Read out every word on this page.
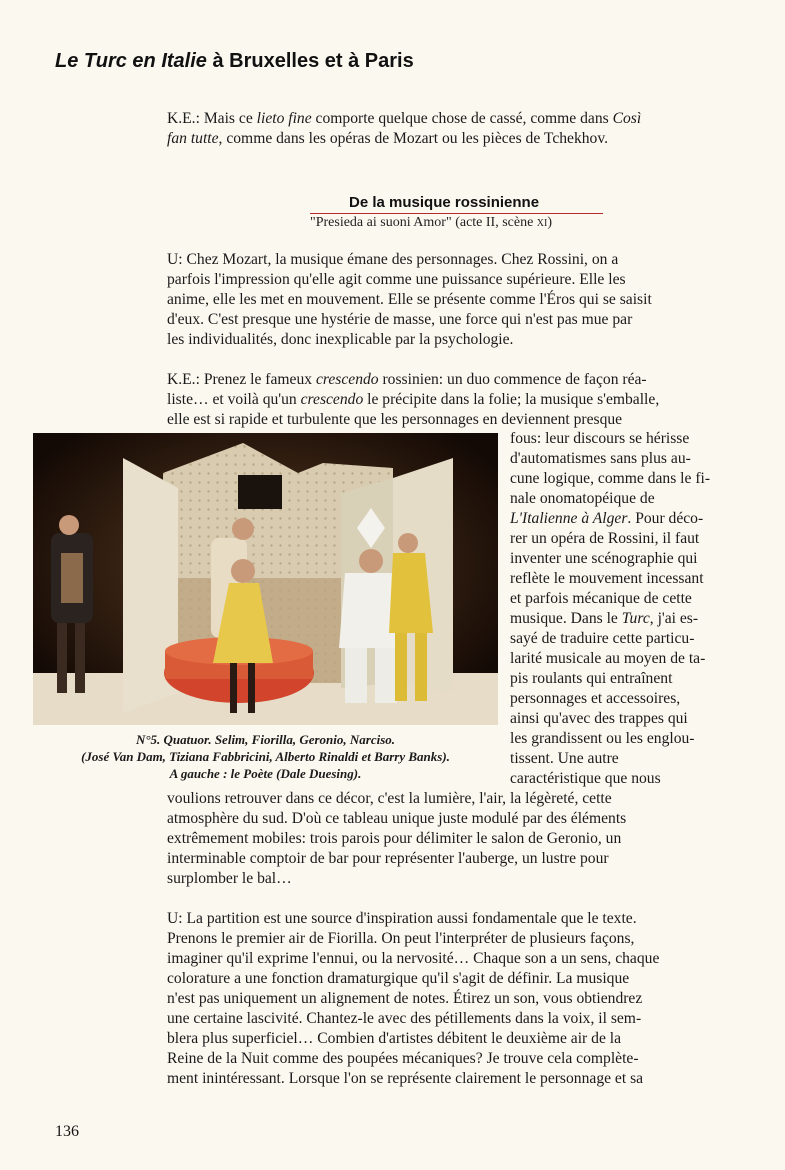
Le Turc en Italie à Bruxelles et à Paris
K.E.: Mais ce lieto fine comporte quelque chose de cassé, comme dans Così
fan tutte, comme dans les opéras de Mozart ou les pièces de Tchekhov.
De la musique rossinienne
"Presieda ai suoni Amor" (acte II, scène xi)
U: Chez Mozart, la musique émane des personnages. Chez Rossini, on a
parfois l'impression qu'elle agit comme une puissance supérieure. Elle les
anime, elle les met en mouvement. Elle se présente comme l'Éros qui se saisit
d'eux. C'est presque une hystérie de masse, une force qui n'est pas mue par
les individualités, donc inexplicable par la psychologie.
K.E.: Prenez le fameux crescendo rossinien: un duo commence de façon réa-
liste… et voilà qu'un crescendo le précipite dans la folie; la musique s'emballe,
elle est si rapide et turbulente que les personnages en deviennent presque
fous: leur discours se hérisse
d'automatismes sans plus au-
cune logique, comme dans le fi-
nale onomatopéique de
L'Italienne à Alger. Pour déco-
rer un opéra de Rossini, il faut
inventer une scénographie qui
reflète le mouvement incessant
et parfois mécanique de cette
musique. Dans le Turc, j'ai es-
sayé de traduire cette particu-
larité musicale au moyen de ta-
pis roulants qui entraînent
personnages et accessoires,
ainsi qu'avec des trappes qui
les grandissent ou les englou-
tissent. Une autre
caractéristique que nous
voulions retrouver dans ce décor, c'est la lumière, l'air, la légèreté, cette
atmosphère du sud. D'où ce tableau unique juste modulé par des éléments
extrêmement mobiles: trois parois pour délimiter le salon de Geronio, un
interminable comptoir de bar pour représenter l'auberge, un lustre pour
surplomber le bal…
U: La partition est une source d'inspiration aussi fondamentale que le texte.
Prenons le premier air de Fiorilla. On peut l'interpréter de plusieurs façons,
imaginer qu'il exprime l'ennui, ou la nervosité… Chaque son a un sens, chaque
colorature a une fonction dramaturgique qu'il s'agit de définir. La musique
n'est pas uniquement un alignement de notes. Étirez un son, vous obtiendrez
une certaine lascivité. Chantez-le avec des pétillements dans la voix, il sem-
blera plus superficiel… Combien d'artistes débitent le deuxième air de la
Reine de la Nuit comme des poupées mécaniques? Je trouve cela complète-
ment inintéressant. Lorsque l'on se représente clairement le personnage et sa
N°5. Quatuor. Selim, Fiorilla, Geronio, Narciso.
(José Van Dam, Tiziana Fabbricini, Alberto Rinaldi et Barry Banks).
A gauche : le Poète (Dale Duesing).
136
